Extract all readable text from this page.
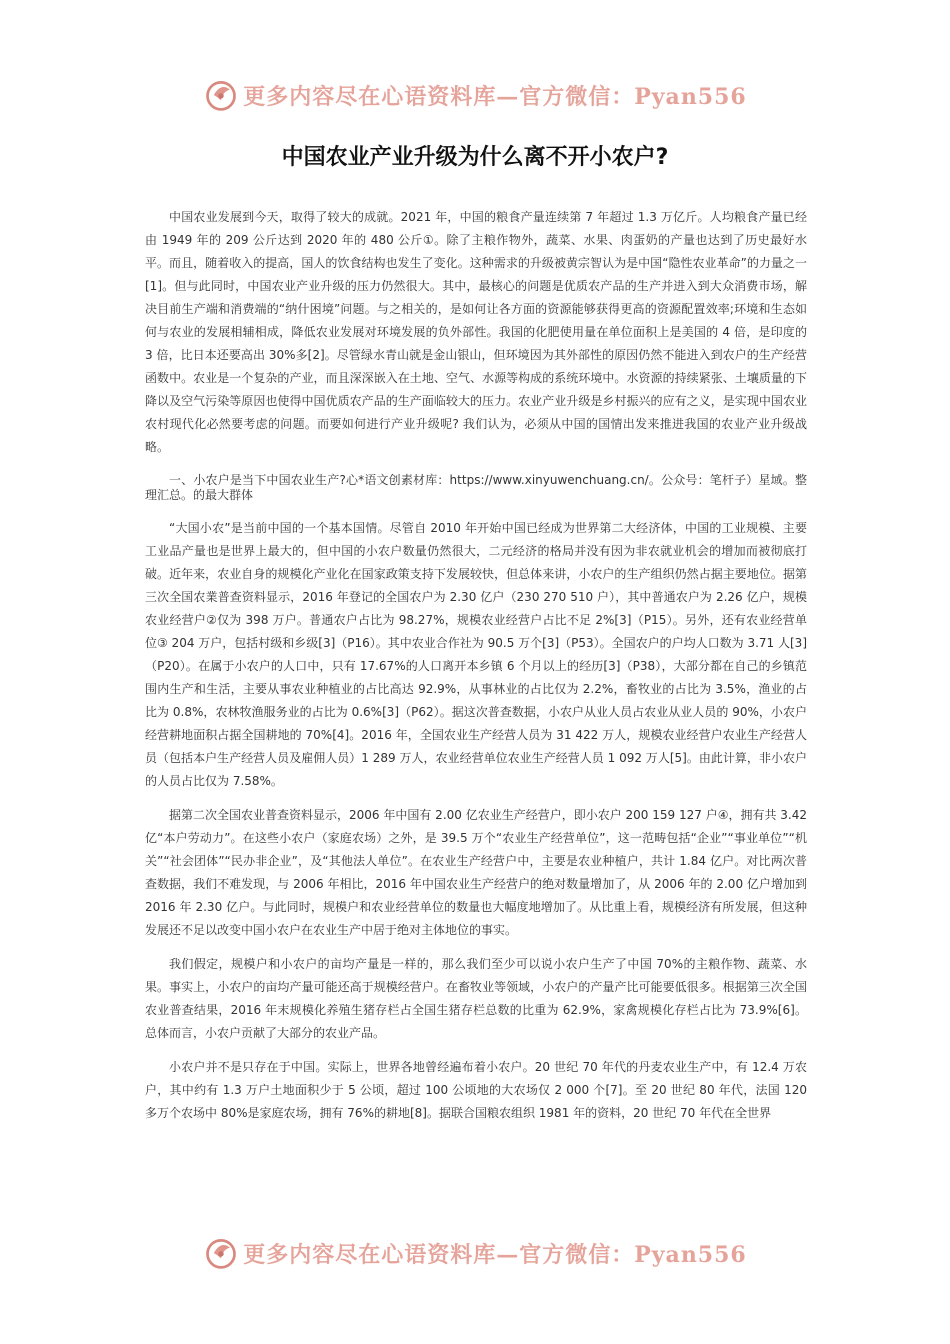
更多内容尽在心语资料库—官方微信：Pyan556
中国农业产业升级为什么离不开小农户?

中国农业发展到今天，取得了较大的成就。2021 年，中国的粮食产量连续第 7 年超过 1.3 万亿斤。人均粮食产量已经由 1949 年的 209 公斤达到 2020 年的 480 公斤①。除了主粮作物外，蔬菜、水果、肉蛋奶的产量也达到了历史最好水平。而且，随着收入的提高，国人的饮食结构也发生了变化。这种需求的升级被黄宗智认为是中国“隐性农业革命”的力量之一[1]。但与此同时，中国农业产业升级的压力仍然很大。其中，最核心的问题是优质农产品的生产并进入到大众消费市场，解决目前生产端和消费端的“纳什困境”问题。与之相关的，是如何让各方面的资源能够获得更高的资源配置效率;环境和生态如何与农业的发展相辅相成，降低农业发展对环境发展的负外部性。我国的化肥使用量在单位面积上是美国的 4 倍，是印度的 3 倍，比日本还要高出 30%多[2]。尽管绿水青山就是金山银山，但环境因为其外部性的原因仍然不能进入到农户的生产经营函数中。农业是一个复杂的产业，而且深深嵌入在土地、空气、水源等构成的系统环境中。水资源的持续紧张、土壤质量的下降以及空气污染等原因也使得中国优质农产品的生产面临较大的压力。农业产业升级是乡村振兴的应有之义，是实现中国农业农村现代化必然要考虑的问题。而要如何进行产业升级呢? 我们认为，必须从中国的国情出发来推进我国的农业产业升级战略。

一、小农户是当下中国农业生产?心*语文创素材库：https://www.xinyuwenchuang.cn/。公众号：笔杆子）星域。整理汇总。的最大群体

“大国小农”是当前中国的一个基本国情。尽管自 2010 年开始中国已经成为世界第二大经济体，中国的工业规模、主要工业品产量也是世界上最大的，但中国的小农户数量仍然很大，二元经济的格局并没有因为非农就业机会的增加而被彻底打破。近年来，农业自身的规模化产业化在国家政策支持下发展较快，但总体来讲，小农户的生产组织仍然占据主要地位。据第三次全国农業普查资料显示，2016 年登记的全国农户为 2.30 亿户（230 270 510 户），其中普通农户为 2.26 亿户，规模农业经营户②仅为 398 万户。普通农户占比为 98.27%，规模农业经营户占比不足 2%[3]（P15）。另外，还有农业经营单位③ 204 万户，包括村级和乡级[3]（P16）。其中农业合作社为 90.5 万个[3]（P53）。全国农户的户均人口数为 3.71 人[3]（P20）。在属于小农户的人口中，只有 17.67%的人口离开本乡镇 6 个月以上的经历[3]（P38），大部分都在自己的乡镇范围内生产和生活，主要从事农业种植业的占比高达 92.9%，从事林业的占比仅为 2.2%，畜牧业的占比为 3.5%，渔业的占比为 0.8%，农林牧渔服务业的占比为 0.6%[3]（P62）。据这次普查数据，小农户从业人员占农业从业人员的 90%，小农户经营耕地面积占据全国耕地的 70%[4]。2016 年，全国农业生产经营人员为 31 422 万人，规模农业经营户农业生产经营人员（包括本户生产经营人员及雇佣人员）1 289 万人，农业经营单位农业生产经营人员 1 092 万人[5]。由此计算，非小农户的人员占比仅为 7.58%。

据第二次全国农业普查资料显示，2006 年中国有 2.00 亿农业生产经营户，即小农户 200 159 127 户④，拥有共 3.42 亿“本户劳动力”。在这些小农户（家庭农场）之外，是 39.5 万个“农业生产经营单位”，这一范畴包括“企业”“事业单位”“机关”“社会团体”“民办非企业”，及“其他法人单位”。在农业生产经营户中，主要是农业种植户，共计 1.84 亿户。对比两次普查数据，我们不难发现，与 2006 年相比，2016 年中国农业生产经营户的绝对数量增加了，从 2006 年的 2.00 亿户增加到 2016 年 2.30 亿户。与此同时，规模户和农业经营单位的数量也大幅度地增加了。从比重上看，规模经济有所发展，但这种发展还不足以改变中国小农户在农业生产中居于绝对主体地位的事实。

我们假定，规模户和小农户的亩均产量是一样的，那么我们至少可以说小农户生产了中国 70%的主粮作物、蔬菜、水果。事实上，小农户的亩均产量可能还高于规模经营户。在畜牧业等领域，小农户的产量产比可能要低很多。根据第三次全国农业普查结果，2016 年末规模化养殖生猪存栏占全国生猪存栏总数的比重为 62.9%，家禽规模化存栏占比为 73.9%[6]。总体而言，小农户贡献了大部分的农业产品。

小农户并不是只存在于中国。实际上，世界各地曾经遍布着小农户。20 世纪 70 年代的丹麦农业生产中，有 12.4 万农户，其中约有 1.3 万户土地面积少于 5 公顷，超过 100 公顷地的大农场仅 2 000 个[7]。至 20 世纪 80 年代，法国 120 多万个农场中 80%是家庭农场，拥有 76%的耕地[8]。据联合国粮农组织 1981 年的资料，20 世纪 70 年代在全世界

更多内容尽在心语资料库—官方微信：Pyan556
